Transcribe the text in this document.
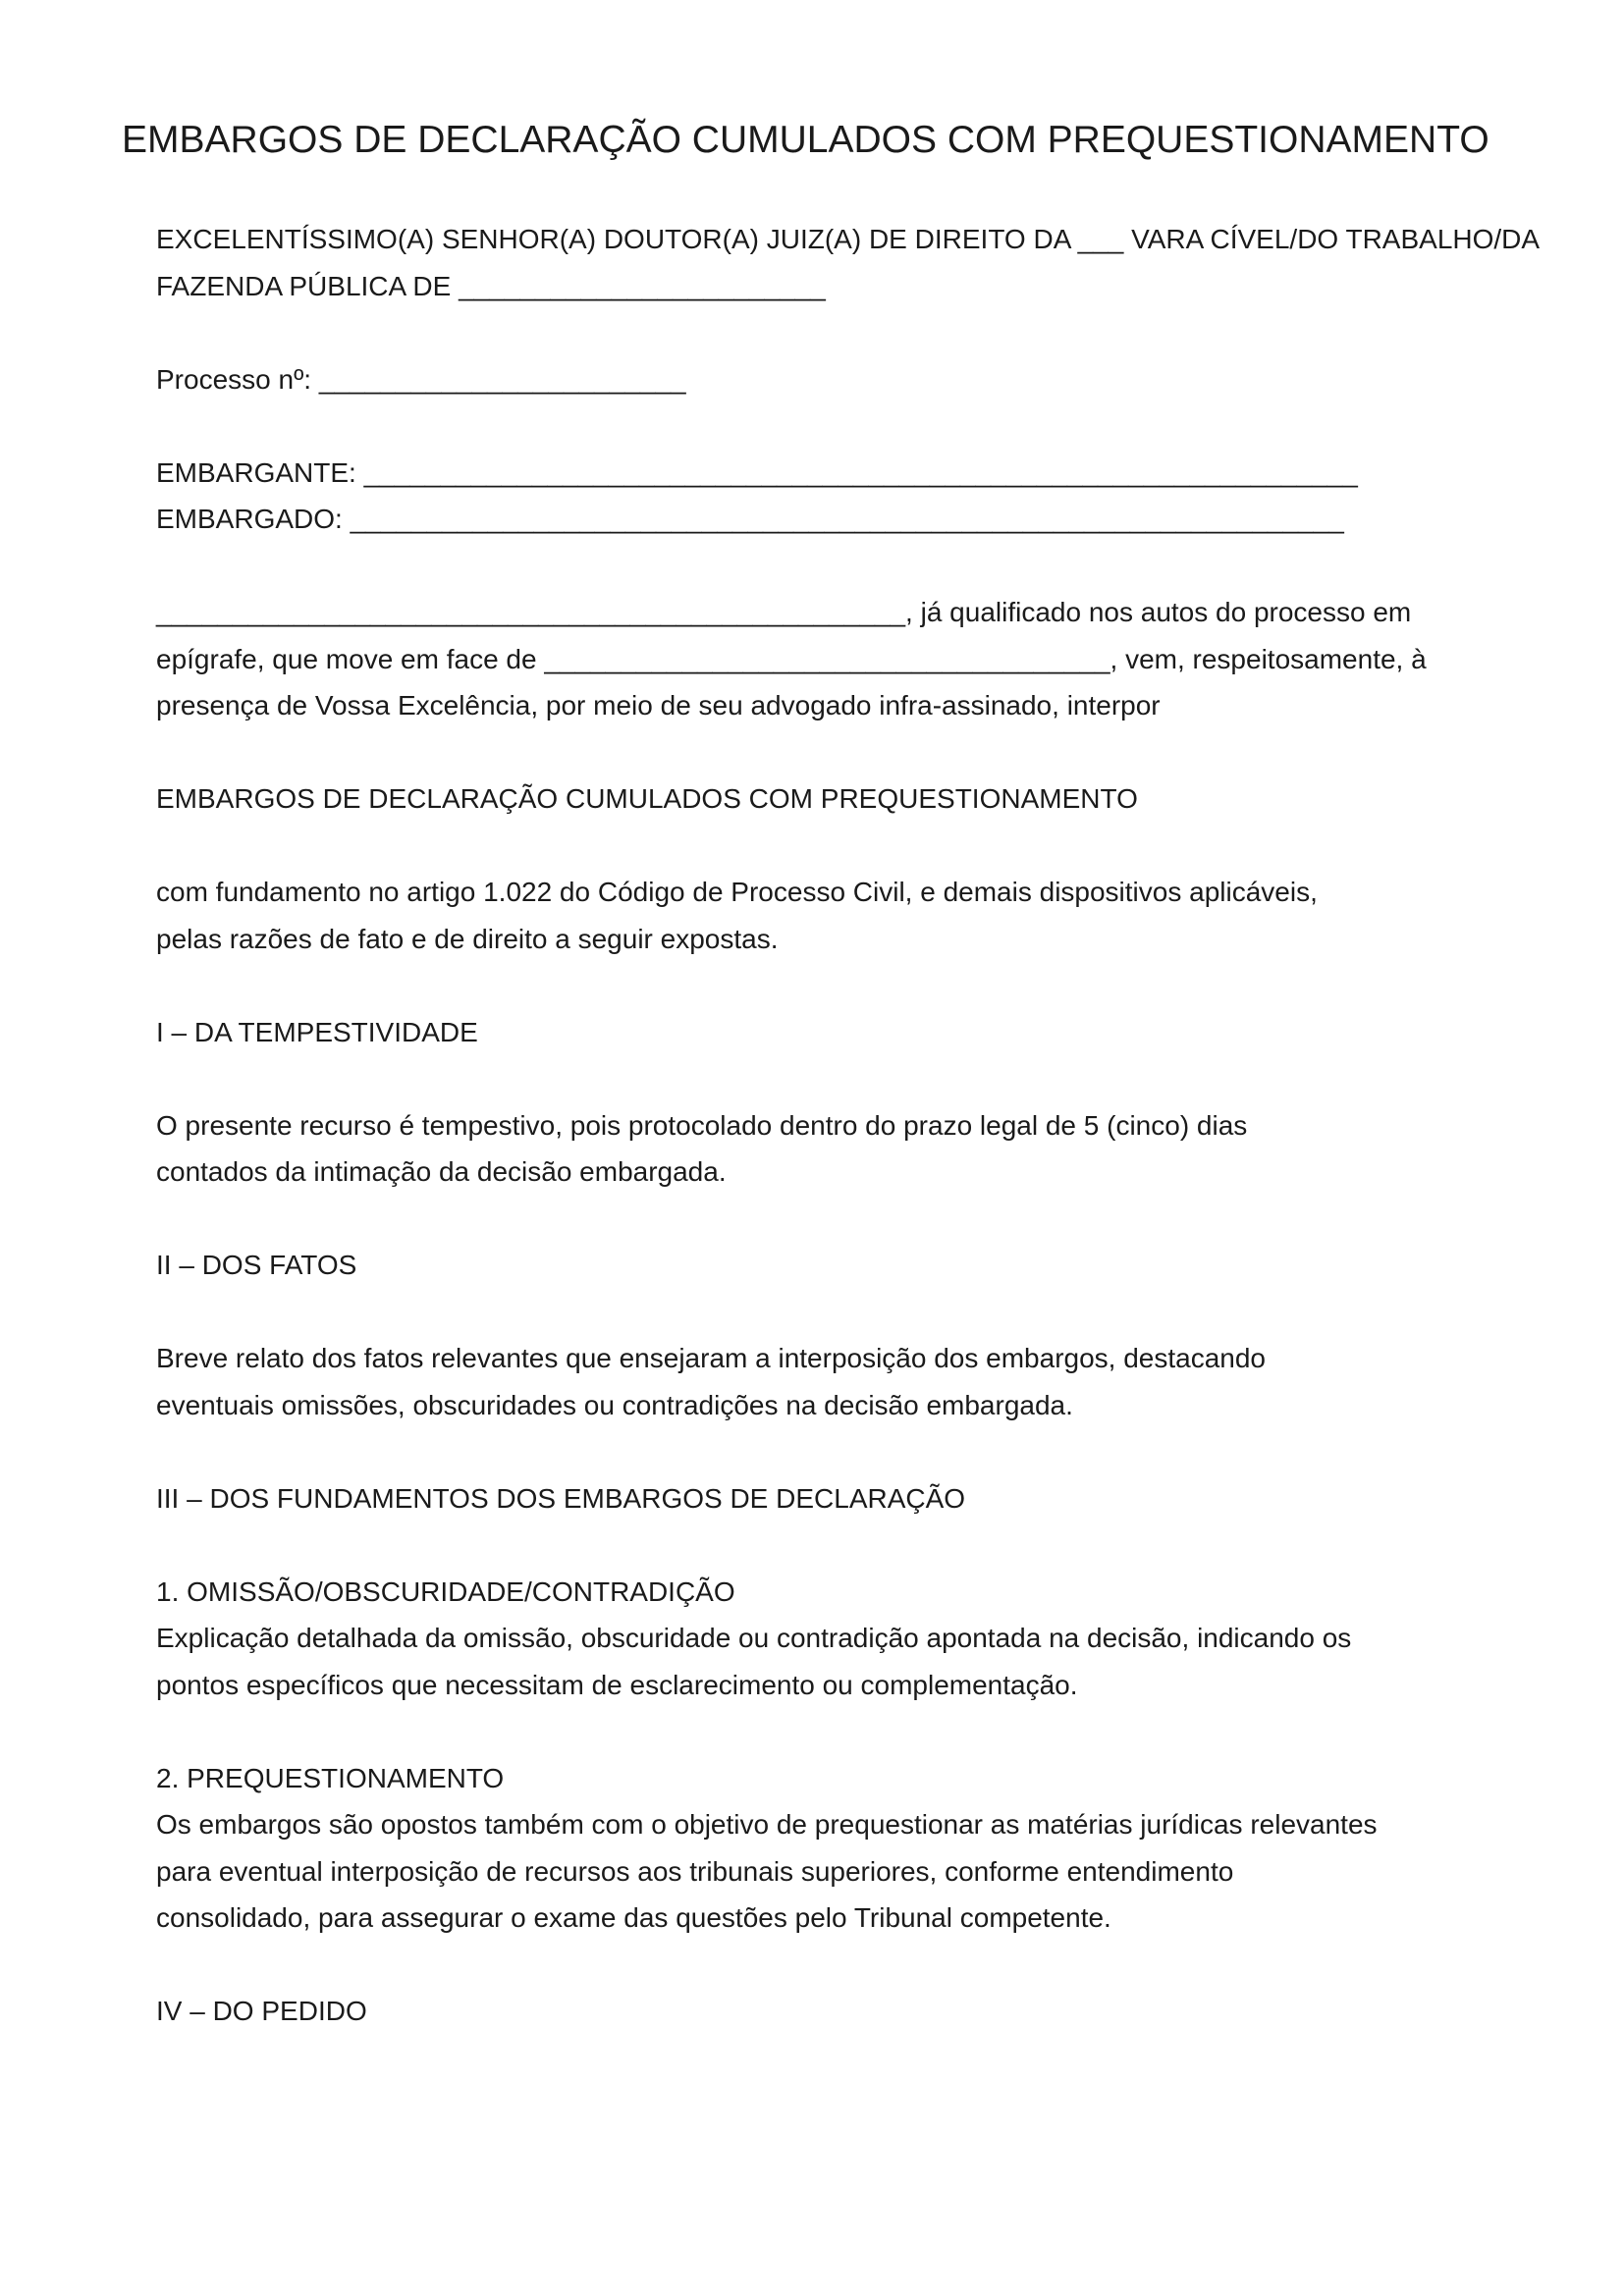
EMBARGOS DE DECLARAÇÃO CUMULADOS COM PREQUESTIONAMENTO

EXCELENTÍSSIMO(A) SENHOR(A) DOUTOR(A) JUIZ(A) DE DIREITO DA ___ VARA CÍVEL/DO TRABALHO/DA
FAZENDA PÚBLICA DE ________________________

Processo nº: ________________________

EMBARGANTE: _________________________________________________________________
EMBARGADO: _________________________________________________________________

_________________________________________________, já qualificado nos autos do processo em
epígrafe, que move em face de _____________________________________, vem, respeitosamente, à
presença de Vossa Excelência, por meio de seu advogado infra-assinado, interpor

EMBARGOS DE DECLARAÇÃO CUMULADOS COM PREQUESTIONAMENTO

com fundamento no artigo 1.022 do Código de Processo Civil, e demais dispositivos aplicáveis,
pelas razões de fato e de direito a seguir expostas.

I – DA TEMPESTIVIDADE

O presente recurso é tempestivo, pois protocolado dentro do prazo legal de 5 (cinco) dias
contados da intimação da decisão embargada.

II – DOS FATOS

Breve relato dos fatos relevantes que ensejaram a interposição dos embargos, destacando
eventuais omissões, obscuridades ou contradições na decisão embargada.

III – DOS FUNDAMENTOS DOS EMBARGOS DE DECLARAÇÃO

1. OMISSÃO/OBSCURIDADE/CONTRADIÇÃO
Explicação detalhada da omissão, obscuridade ou contradição apontada na decisão, indicando os
pontos específicos que necessitam de esclarecimento ou complementação.

2. PREQUESTIONAMENTO
Os embargos são opostos também com o objetivo de prequestionar as matérias jurídicas relevantes
para eventual interposição de recursos aos tribunais superiores, conforme entendimento
consolidado, para assegurar o exame das questões pelo Tribunal competente.

IV – DO PEDIDO
